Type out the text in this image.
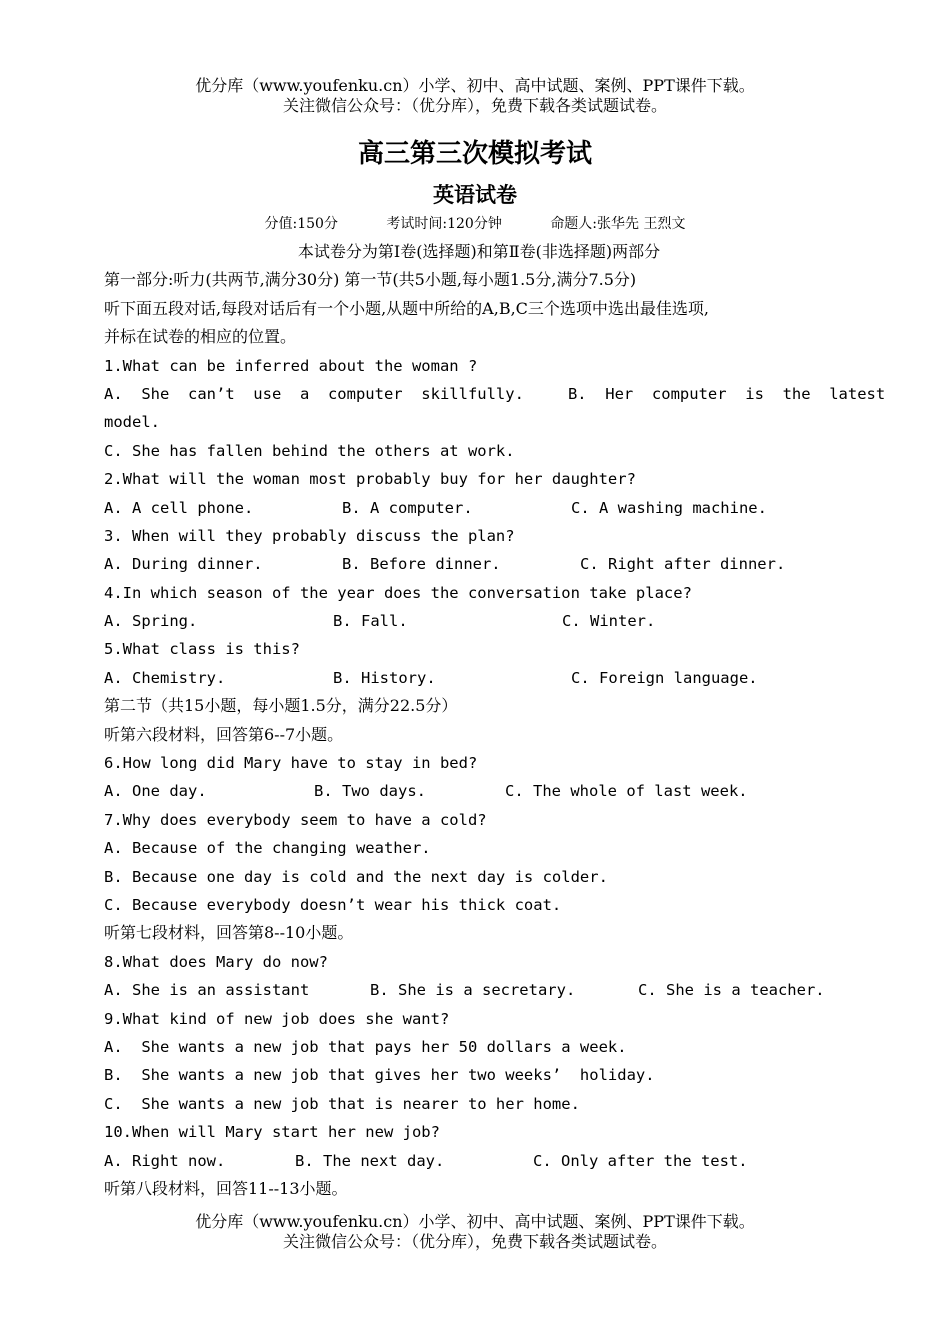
优分库（www.youfenku.cn）小学、初中、高中试题、案例、PPT课件下载。
关注微信公众号：（优分库），免费下载各类试题试卷。
高三第三次模拟考试
英语试卷
分值:150分	考试时间:120分钟	命题人:张华先 王烈文
本试卷分为第Ⅰ卷(选择题)和第Ⅱ卷(非选择题)两部分
第一部分:听力(共两节,满分30分) 第一节(共5小题,每小题1.5分,满分7.5分)
听下面五段对话,每段对话后有一个小题,从题中所给的A,B,C三个选项中选出最佳选项,
并标在试卷的相应的位置。
1.What can be inferred about the woman ?
A.  She  can’t  use  a  computer  skillfully.	B.  Her  computer  is  the  latest
model.
C. She has fallen behind the others at work.
2.What will the woman most probably buy for her daughter?
A. A cell phone.	B. A computer.	C. A washing machine.
3. When will they probably discuss the plan?
A. During dinner.	B. Before dinner.	C. Right after dinner.
4.In which season of the year does the conversation take place?
A. Spring.	B. Fall.	C. Winter.
5.What class is this?
A. Chemistry.	B. History.	C. Foreign language.
第二节（共15小题，每小题1.5分，满分22.5分）
听第六段材料，回答第6--7小题。
6.How long did Mary have to stay in bed?
A. One day.	B. Two days.	C. The whole of last week.
7.Why does everybody seem to have a cold?
A. Because of the changing weather.
B. Because one day is cold and the next day is colder.
C. Because everybody doesn’t wear his thick coat.
听第七段材料，回答第8--10小题。
8.What does Mary do now?
A. She is an assistant	B. She is a secretary.	C. She is a teacher.
9.What kind of new job does she want?
A.  She wants a new job that pays her 50 dollars a week.
B.  She wants a new job that gives her two weeks’  holiday.
C.  She wants a new job that is nearer to her home.
10.When will Mary start her new job?
A. Right now.	B. The next day.	C. Only after the test.
听第八段材料，回答11--13小题。
优分库（www.youfenku.cn）小学、初中、高中试题、案例、PPT课件下载。
关注微信公众号：（优分库），免费下载各类试题试卷。
